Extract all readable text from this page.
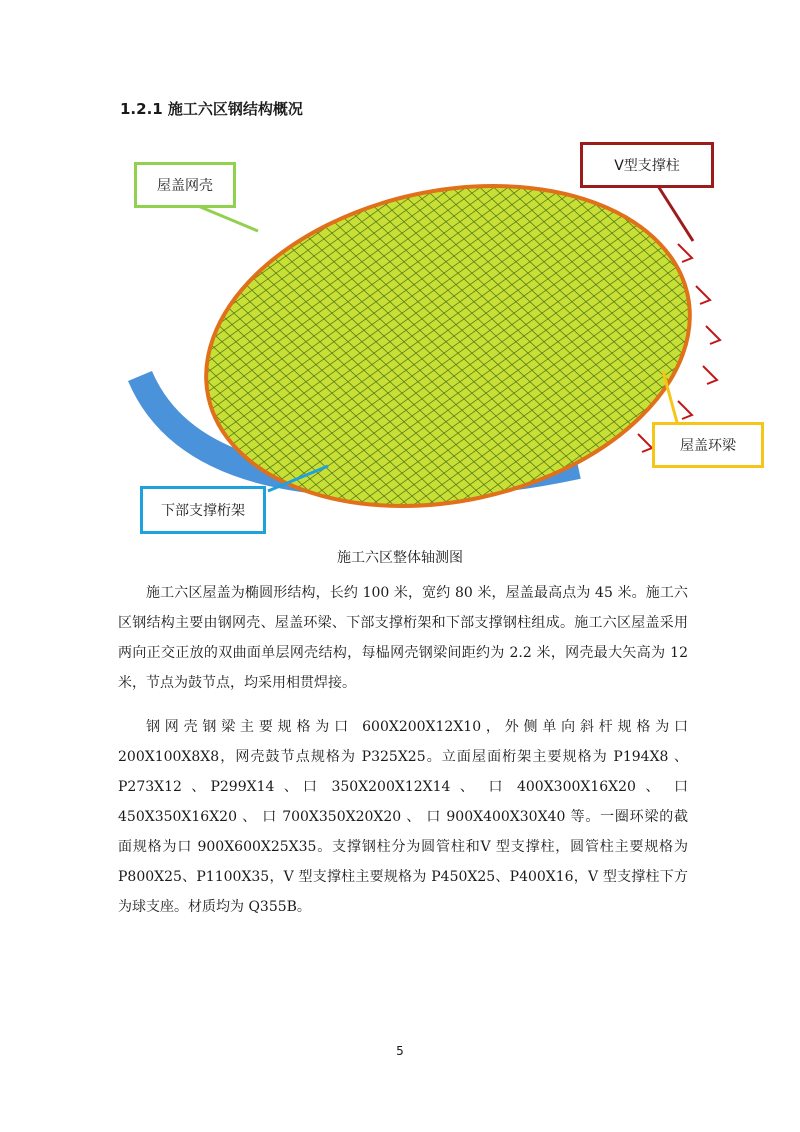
1.2.1 施工六区钢结构概况
屋盖网壳
V型支撑柱
屋盖环梁
下部支撑桁架
施工六区整体轴测图
施工六区屋盖为椭圆形结构，长约 100 米，宽约 80 米，屋盖最高点为 45 米。施工六区钢结构主要由钢网壳、屋盖环梁、下部支撑桁架和下部支撑钢柱组成。施工六区屋盖采用两向正交正放的双曲面单层网壳结构，每榀网壳钢梁间距约为 2.2 米，网壳最大矢高为 12 米，节点为鼓节点，均采用相贯焊接。
钢网壳钢梁主要规格为口 600X200X12X10，外侧单向斜杆规格为口 200X100X8X8，网壳鼓节点规格为 P325X25。立面屋面桁架主要规格为 P194X8 、P273X12 、P299X14 、口 350X200X12X14 、 口 400X300X16X20 、 口 450X350X16X20 、 口 700X350X20X20 、 口 900X400X30X40 等。一圈环梁的截面规格为口 900X600X25X35。支撑钢柱分为圆管柱和V 型支撑柱，圆管柱主要规格为 P800X25、P1100X35，V 型支撑柱主要规格为 P450X25、P400X16，V 型支撑柱下方为球支座。材质均为 Q355B。
5
